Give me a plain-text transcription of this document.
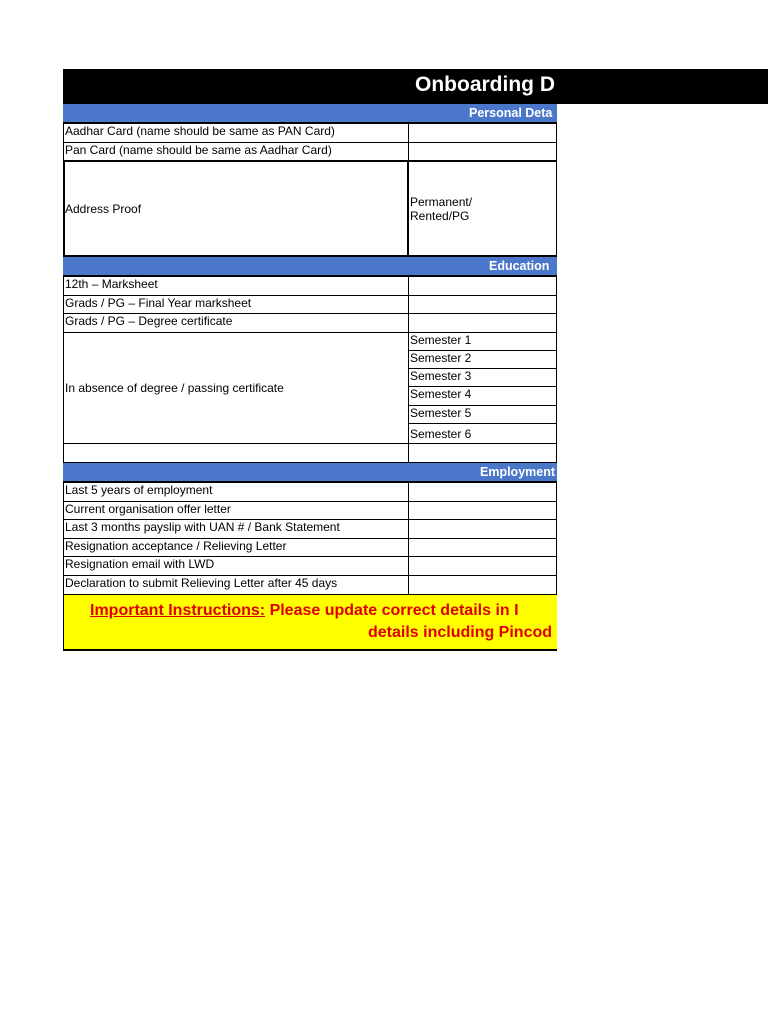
Onboarding D
Personal Deta
Aadhar Card (name should be same as PAN Card)
Pan Card (name should be same as Aadhar Card)
Address Proof	Permanent/ Rented/PG
Education
12th – Marksheet
Grads / PG – Final Year marksheet
Grads / PG – Degree certificate
In absence of degree / passing certificate
Semester 1
Semester 2
Semester 3
Semester 4
Semester 5
Semester 6
Employment
Last 5 years of employment
Current organisation offer letter
Last 3 months payslip with UAN # / Bank Statement
Resignation acceptance / Relieving Letter
Resignation email with LWD
Declaration to submit Relieving Letter after 45 days
Important Instructions: Please update correct details in I
details including Pincod
